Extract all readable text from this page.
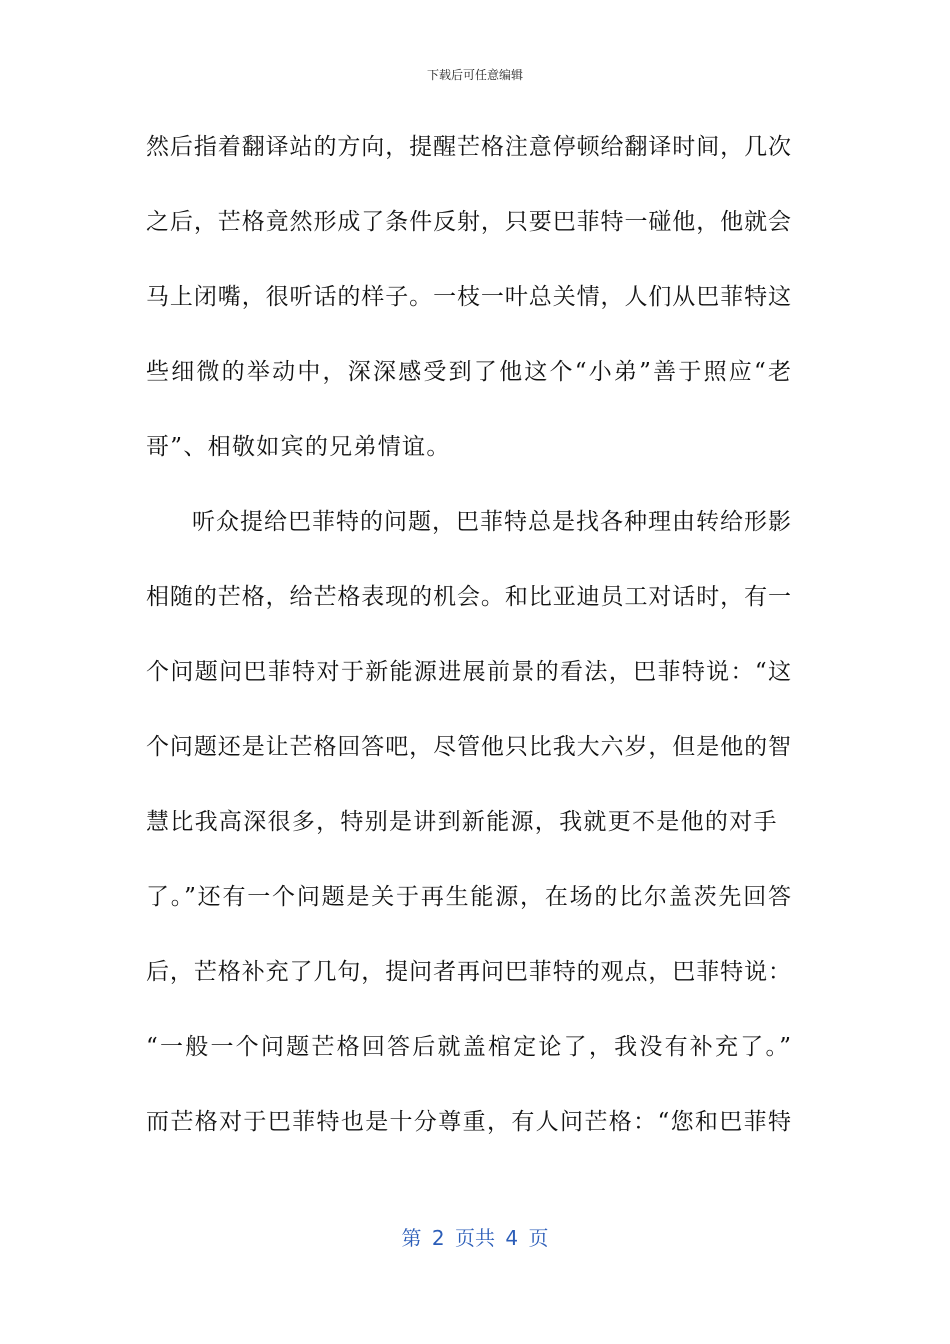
下载后可任意编辑
然后指着翻译站的方向，提醒芒格注意停顿给翻译时间，几次
之后，芒格竟然形成了条件反射，只要巴菲特一碰他，他就会
马上闭嘴，很听话的样子。一枝一叶总关情，人们从巴菲特这
些细微的举动中，深深感受到了他这个“小弟”善于照应“老
哥”、相敬如宾的兄弟情谊。
听众提给巴菲特的问题，巴菲特总是找各种理由转给形影
相随的芒格，给芒格表现的机会。和比亚迪员工对话时，有一
个问题问巴菲特对于新能源进展前景的看法，巴菲特说：“这
个问题还是让芒格回答吧，尽管他只比我大六岁，但是他的智
慧比我高深很多，特别是讲到新能源，我就更不是他的对手
了。”还有一个问题是关于再生能源，在场的比尔盖茨先回答
后，芒格补充了几句，提问者再问巴菲特的观点，巴菲特说：
“一般一个问题芒格回答后就盖棺定论了，我没有补充了。”
而芒格对于巴菲特也是十分尊重，有人问芒格：“您和巴菲特
第 2 页共 4 页
